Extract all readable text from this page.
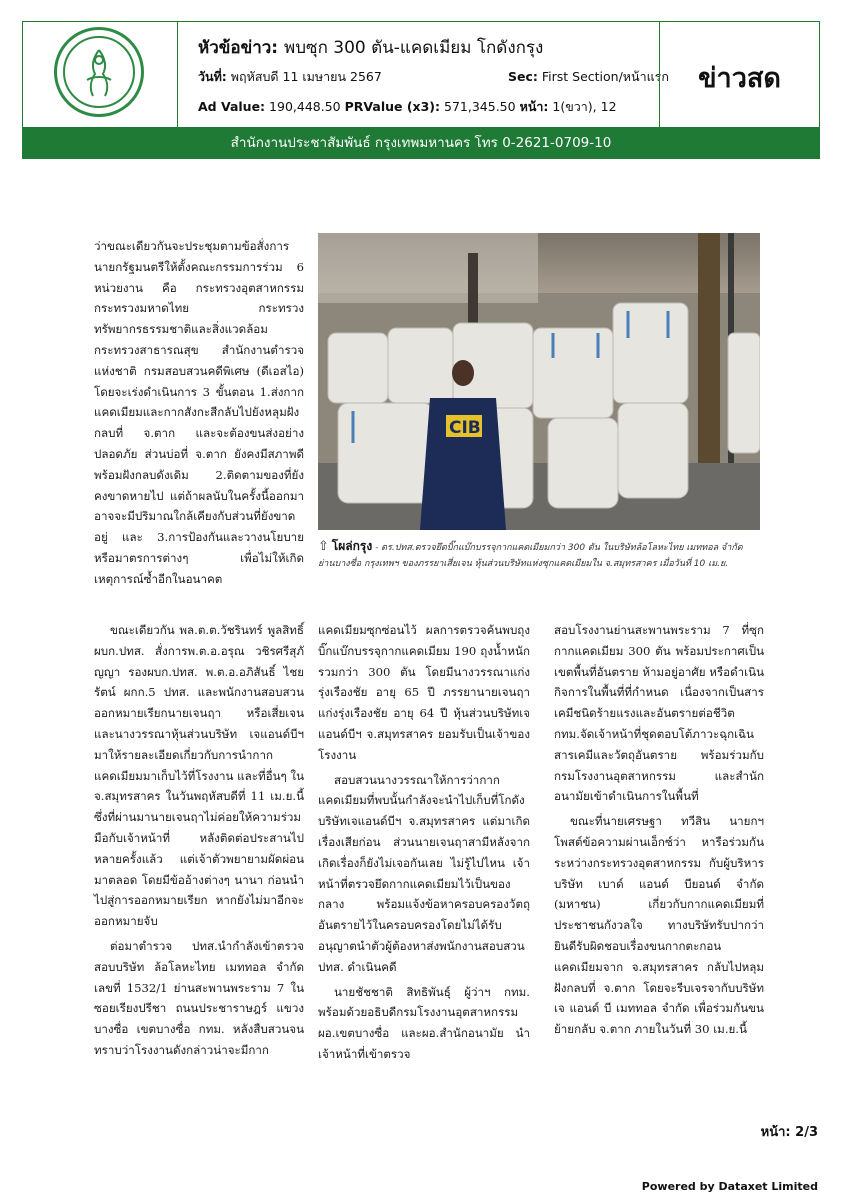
หัวข้อข่าว: พบซุก 300 ตัน-แคดเมียม โกดังกรุง
วันที่: พฤหัสบดี 11 เมษายน 2567	Sec: First Section/หน้าแรก
Ad Value: 190,448.50 PRValue (x3): 571,345.50 หน้า: 1(ขวา), 12
ข่าวสด
สำนักงานประชาสัมพันธ์ กรุงเทพมหานคร โทร 0-2621-0709-10

ว่าขณะเดียวกันจะประชุมตามข้อสั่งการนายกรัฐมนตรีให้ตั้งคณะกรรมการร่วม 6 หน่วยงาน คือ กระทรวงอุตสาหกรรม กระทรวงมหาดไทย กระทรวงทรัพยากรธรรมชาติและสิ่งแวดล้อม กระทรวงสาธารณสุข สำนักงานตำรวจแห่งชาติ กรมสอบสวนคดีพิเศษ (ดีเอสไอ) โดยจะเร่งดำเนินการ 3 ขั้นตอน 1.ส่งกากแคดเมียมและกากสังกะสีกลับไปยังหลุมฝังกลบที่ จ.ตาก และจะต้องขนส่งอย่างปลอดภัย ส่วนบ่อที่ จ.ตาก ยังคงมีสภาพดี พร้อมฝังกลบดังเดิม 2.ติดตามของที่ยังคงขาดหายไป แต่ถ้าผลนับในครั้งนี้ออกมาอาจจะมีปริมาณใกล้เคียงกับส่วนที่ยังขาดอยู่ และ 3.การป้องกันและวางนโยบาย หรือมาตรการต่างๆ เพื่อไม่ให้เกิดเหตุการณ์ซ้ำอีกในอนาคต

CIB
⇧ โผล่กรุง - ตร.ปทส.ตรวจยึดบิ๊กแบ๊กบรรจุกากแคดเมียมกว่า 300 ตัน ในบริษัทล้อโลหะไทย เมททอล จำกัด ย่านบางซื่อ กรุงเทพฯ ของภรรยาเสี่ยเจน หุ้นส่วนบริษัทแห่งซุกแคดเมียมใน จ.สมุทรสาคร เมื่อวันที่ 10 เม.ย.

ขณะเดียวกัน พล.ต.ต.วัชรินทร์ พูลสิทธิ์ ผบก.ปทส. สั่งการพ.ต.อ.อรุณ วชิรศรีสุภัญญา รองผบก.ปทส. พ.ต.อ.อภิสันธิ์ ไชยรัตน์ ผกก.5 ปทส. และพนักงานสอบสวนออกหมายเรียกนายเจนฤา หรือเสี่ยเจน และนางวรรณาหุ้นส่วนบริษัท เจแอนด์บีฯ มาให้รายละเอียดเกี่ยวกับการนำกากแคดเมียมมาเก็บไว้ที่โรงงาน และที่อื่นๆ ใน จ.สมุทรสาคร ในวันพฤหัสบดีที่ 11 เม.ย.นี้ ซึ่งที่ผ่านมานายเจนฤาไม่ค่อยให้ความร่วมมือกับเจ้าหน้าที่ หลังติดต่อประสานไปหลายครั้งแล้ว แต่เจ้าตัวพยายามผัดผ่อนมาตลอด โดยมีข้ออ้างต่างๆ นานา ก่อนนำไปสู่การออกหมายเรียก หากยังไม่มาอีกจะออกหมายจับ

ต่อมาตำรวจ ปทส.นำกำลังเข้าตรวจสอบบริษัท ล้อโลหะไทย เมททอล จำกัด เลขที่ 1532/1 ย่านสะพานพระราม 7 ในซอยเรียงปรีชา ถนนประชาราษฎร์ แขวงบางซื่อ เขตบางซื่อ กทม. หลังสืบสวนจนทราบว่าโรงงานดังกล่าวน่าจะมีกาก

แคดเมียมซุกซ่อนไว้ ผลการตรวจค้นพบถุงบิ๊กแบ๊กบรรจุกากแคดเมียม 190 ถุงน้ำหนักรวมกว่า 300 ตัน โดยมีนางวรรณาแก่งรุ่งเรืองชัย อายุ 65 ปี ภรรยานายเจนฤาแก่งรุ่งเรืองชัย อายุ 64 ปี หุ้นส่วนบริษัทเจแอนด์บีฯ จ.สมุทรสาคร ยอมรับเป็นเจ้าของโรงงาน

สอบสวนนางวรรณาให้การว่ากากแคดเมียมที่พบนั้นกำลังจะนำไปเก็บที่โกดังบริษัทเจแอนด์บีฯ จ.สมุทรสาคร แต่มาเกิดเรื่องเสียก่อน ส่วนนายเจนฤาสามีหลังจากเกิดเรื่องก็ยังไม่เจอกันเลย ไม่รู้ไปไหน เจ้าหน้าที่ตรวจยึดกากแคดเมียมไว้เป็นของกลาง พร้อมแจ้งข้อหาครอบครองวัตถุอันตรายไว้ในครอบครองโดยไม่ได้รับอนุญาตนำตัวผู้ต้องหาส่งพนักงานสอบสวน ปทส. ดำเนินคดี

นายชัชชาติ สิทธิพันธุ์ ผู้ว่าฯ กทม. พร้อมด้วยอธิบดีกรมโรงงานอุตสาหกรรม ผอ.เขตบางซื่อ และผอ.สำนักอนามัย นำเจ้าหน้าที่เข้าตรวจ

สอบโรงงานย่านสะพานพระราม 7 ที่ซุกกากแคดเมียม 300 ตัน พร้อมประกาศเป็นเขตพื้นที่อันตราย ห้ามอยู่อาศัย หรือดำเนินกิจการในพื้นที่ที่กำหนด เนื่องจากเป็นสารเคมีชนิดร้ายแรงและอันตรายต่อชีวิต กทม.จัดเจ้าหน้าที่ชุดตอบโต้ภาวะฉุกเฉินสารเคมีและวัตถุอันตราย พร้อมร่วมกับกรมโรงงานอุตสาหกรรม และสำนักอนามัยเข้าดำเนินการในพื้นที่

ขณะที่นายเศรษฐา ทวีสิน นายกฯ โพสต์ข้อความผ่านเอ็กซ์ว่า หารือร่วมกันระหว่างกระทรวงอุตสาหกรรม กับผู้บริหารบริษัท เบาด์ แอนด์ บียอนด์ จำกัด (มหาชน) เกี่ยวกับกากแคดเมียมที่ประชาชนกังวลใจ ทางบริษัทรับปากว่ายินดีรับผิดชอบเรื่องขนกากตะกอนแคดเมียมจาก จ.สมุทรสาคร กลับไปหลุมฝังกลบที่ จ.ตาก โดยจะรีบเจรจากับบริษัท เจ แอนด์ บี เมททอล จำกัด เพื่อร่วมกันขนย้ายกลับ จ.ตาก ภายในวันที่ 30 เม.ย.นี้

หน้า: 2/3
Powered by Dataxet Limited
